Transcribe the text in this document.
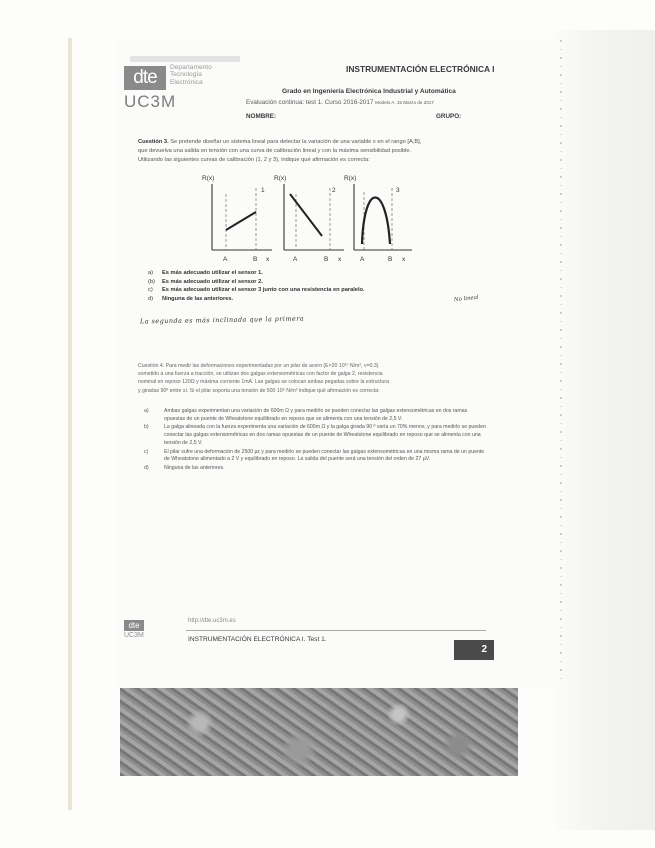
dte	Departamento
Tecnología
Electrónica
UC3M
INSTRUMENTACIÓN ELECTRÓNICA I
Grado en Ingeniería Electrónica Industrial y Automática
Evaluación continua: test 1. Curso 2016-2017 Modelo A. 15 Marzo de 2017
NOMBRE:	GRUPO:
Cuestión 3. Se pretende diseñar un sistema lineal para detectar la variación de una variable x en el rango [A,B],
que devuelva una salida en tensión con una curva de calibración lineal y con la máxima sensibilidad posible.
Utilizando las siguientes curvas de calibración (1, 2 y 3), indique qué afirmación es correcta:
R(x)
1
A	B x
R(x)
2
A	B x
R(x)
3
A	B x
No lineal
a) Es más adecuado utilizar el sensor 1.
(b) Es más adecuado utilizar el sensor 2.
c) Es más adecuado utilizar el sensor 3 junto con una resistencia en paralelo.
d) Ninguna de las anteriores.
La segunda es más inclinada que la primera
Cuestión 4. Para medir las deformaciones experimentadas por un pilar de acero (E×20 10¹⁰ N/m², ν=0.3)
sometido a una fuerza a tracción, se utilizan dos galgas extensométricas con factor de galga 2, resistencia
nominal en reposo 120Ω y máxima corriente 1mA. Las galgas se colocan ambas pegadas sobre la estructura
y giradas 90º entre sí. Si el pilar soporta una tensión de 500 10⁶ N/m² indique qué afirmación es correcta:
a)	Ambas galgas experimentan una variación de 600m Ω y para medirlo se pueden conectar las galgas extensométricas en dos ramas opuestas de un puente de Wheatstone equilibrado en reposo que se alimenta con una tensión de 2,5 V.
b)	La galga alineada con la fuerza experimenta una variación de 600m Ω y la galga girada 90 º varía un 70% menos, y para medirlo se pueden conectar las galgas extensométricas en dos ramas opuestas de un puente de Wheatstone equilibrado en reposo que se alimenta con una tensión de 2,5 V.
c)	El pilar sufre una deformación de 2500 με y para medirlo se pueden conectar las galgas extensométricas en una misma rama de un puente de Wheatstone alimentado a 2 V y equilibrado en reposo. La salida del puente será una tensión del orden de 27 µV.
d)	Ninguna de las anteriores.
dte
UC3M
http://dte.uc3m.es
INSTRUMENTACIÓN ELECTRÓNICA I. Test 1.
2
